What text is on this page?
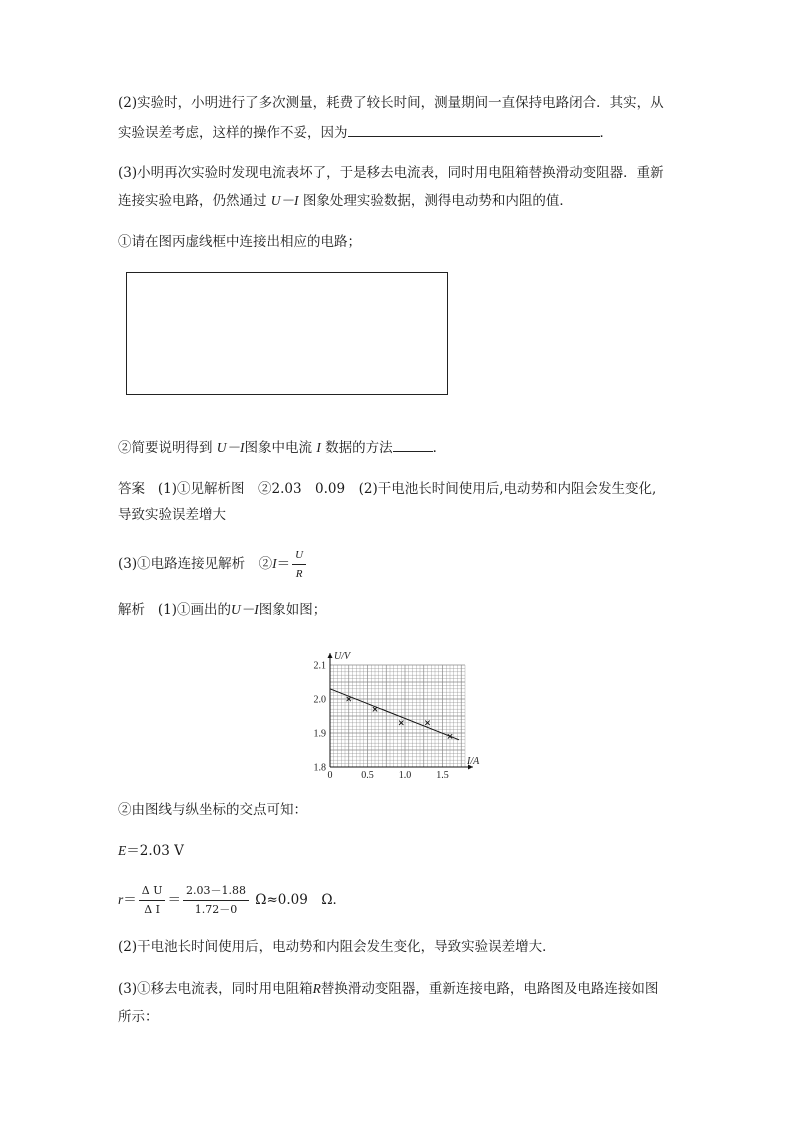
(2)实验时，小明进行了多次测量，耗费了较长时间，测量期间一直保持电路闭合．其实，从
实验误差考虑，这样的操作不妥，因为	．
(3)小明再次实验时发现电流表坏了，于是移去电流表，同时用电阻箱替换滑动变阻器．重新
连接实验电路，仍然通过 U－I 图象处理实验数据，测得电动势和内阻的值．
①请在图丙虚线框中连接出相应的电路；
②简要说明得到 U－I图象中电流 I 数据的方法	．
答案 (1)①见解析图　②2.03　0.09　(2)干电池长时间使用后,电动势和内阻会发生变化,
导致实验误差增大
(3)①电路连接见解析　②I＝ $\frac{U}{R}$
解析 (1)①画出的U－I图象如图；
0	0.5	1.0	1.5
1.8
1.9
2.0
2.1
I/A
U/V
②由图线与纵坐标的交点可知：
E＝2.03 V
$r= \frac{\text{Δ U}}{\text{Δ I}} = \frac{2.03-1.88}{1.72-0} \Omega\approx 0.09$　Ω．
(2)干电池长时间使用后，电动势和内阻会发生变化，导致实验误差增大．
(3)①移去电流表，同时用电阻箱R替换滑动变阻器，重新连接电路，电路图及电路连接如图
所示：
